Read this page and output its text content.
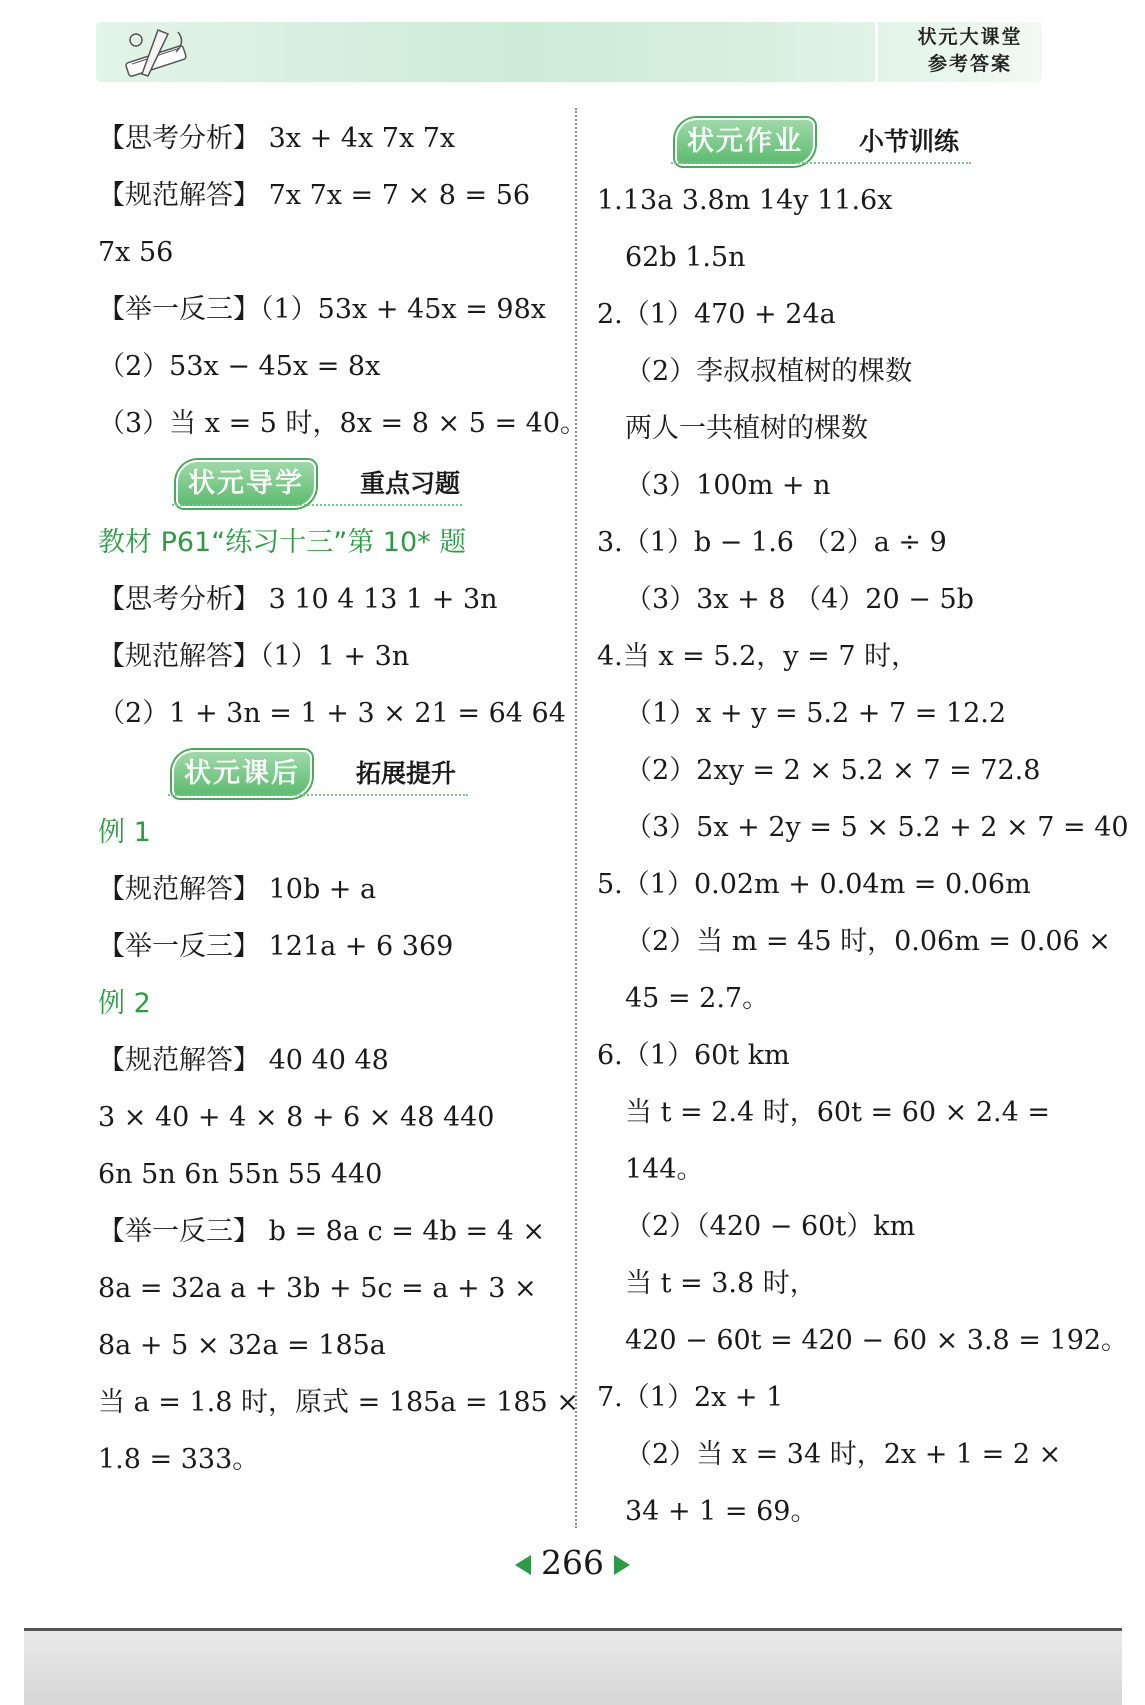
状元大课堂
参考答案
【思考分析】 3x + 4x 7x 7x
【规范解答】 7x 7x = 7 × 8 = 56
7x 56
【举一反三】（1）53x + 45x = 98x
（2）53x − 45x = 8x
（3）当 x = 5 时，8x = 8 × 5 = 40。
状元导学	重点习题
教材 P61“练习十三”第 10* 题
【思考分析】 3 10 4 13 1 + 3n
【规范解答】（1）1 + 3n
（2）1 + 3n = 1 + 3 × 21 = 64 64
状元课后	拓展提升
例 1
【规范解答】 10b + a
【举一反三】 121a + 6 369
例 2
【规范解答】 40 40 48
3 × 40 + 4 × 8 + 6 × 48 440
6n 5n 6n 55n 55 440
【举一反三】 b = 8a c = 4b = 4 ×
8a = 32a a + 3b + 5c = a + 3 ×
8a + 5 × 32a = 185a
当 a = 1.8 时，原式 = 185a = 185 ×
1.8 = 333。
状元作业	小节训练
1.13a 3.8m 14y 11.6x
62b 1.5n
2.（1）470 + 24a
（2）李叔叔植树的棵数
两人一共植树的棵数
（3）100m + n
3.（1）b − 1.6 （2）a ÷ 9
（3）3x + 8 （4）20 − 5b
4.当 x = 5.2，y = 7 时，
（1）x + y = 5.2 + 7 = 12.2
（2）2xy = 2 × 5.2 × 7 = 72.8
（3）5x + 2y = 5 × 5.2 + 2 × 7 = 40
5.（1）0.02m + 0.04m = 0.06m
（2）当 m = 45 时，0.06m = 0.06 ×
45 = 2.7。
6.（1）60t km
当 t = 2.4 时，60t = 60 × 2.4 =
144。
（2）（420 − 60t）km
当 t = 3.8 时，
420 − 60t = 420 − 60 × 3.8 = 192。
7.（1）2x + 1
（2）当 x = 34 时，2x + 1 = 2 ×
34 + 1 = 69。
266
